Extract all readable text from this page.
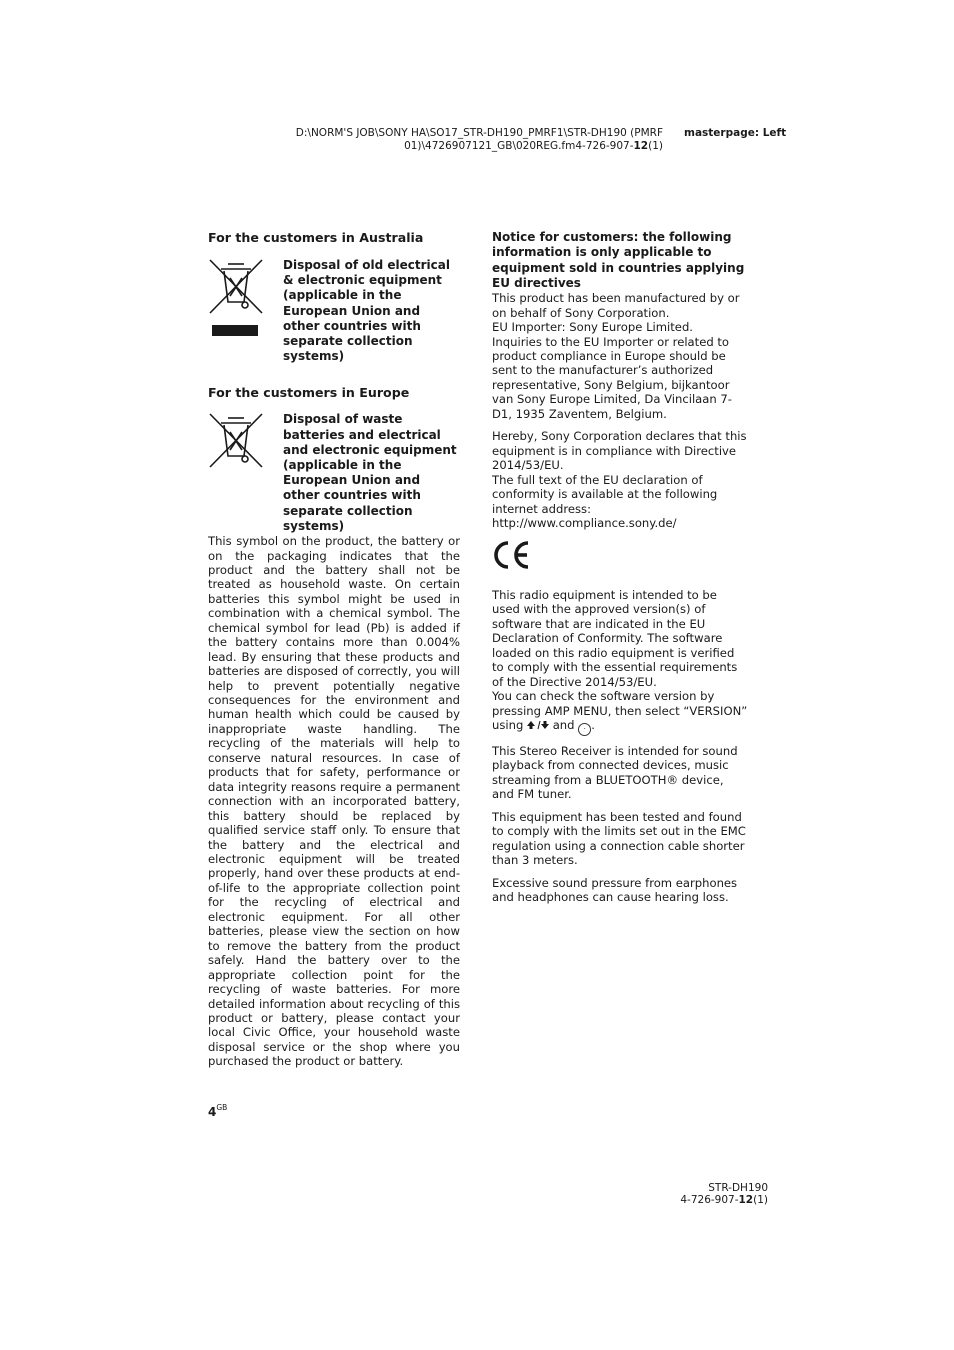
D:\NORM'S JOB\SONY HA\SO17_STR-DH190_PMRF1\STR-DH190 (PMRF
01)\4726907121_GB\020REG.fm4-726-907-12(1)
masterpage: Left
For the customers in Australia
Disposal of old electrical & electronic equipment (applicable in the European Union and other countries with separate collection systems)
For the customers in Europe
Disposal of waste batteries and electrical and electronic equipment (applicable in the European Union and other countries with separate collection systems)

This symbol on the product, the battery or on the packaging indicates that the product and the battery shall not be treated as household waste. On certain batteries this symbol might be used in combination with a chemical symbol. The chemical symbol for lead (Pb) is added if the battery contains more than 0.004% lead. By ensuring that these products and batteries are disposed of correctly, you will help to prevent potentially negative consequences for the environment and human health which could be caused by inappropriate waste handling. The recycling of the materials will help to conserve natural resources. In case of products that for safety, performance or data integrity reasons require a permanent connection with an incorporated battery, this battery should be replaced by qualified service staff only. To ensure that the battery and the electrical and electronic equipment will be treated properly, hand over these products at end-of-life to the appropriate collection point for the recycling of electrical and electronic equipment. For all other batteries, please view the section on how to remove the battery from the product safely. Hand the battery over to the appropriate collection point for the recycling of waste batteries. For more detailed information about recycling of this product or battery, please contact your local Civic Office, your household waste disposal service or the shop where you purchased the product or battery.

Notice for customers: the following information is only applicable to equipment sold in countries applying EU directives

This product has been manufactured by or on behalf of Sony Corporation.

EU Importer: Sony Europe Limited.

Inquiries to the EU Importer or related to product compliance in Europe should be sent to the manufacturer’s authorized representative, Sony Belgium, bijkantoor van Sony Europe Limited, Da Vincilaan 7-D1, 1935 Zaventem, Belgium.

Hereby, Sony Corporation declares that this equipment is in compliance with Directive 2014/53/EU.

The full text of the EU declaration of conformity is available at the following internet address:

http://www.compliance.sony.de/

This radio equipment is intended to be used with the approved version(s) of software that are indicated in the EU Declaration of Conformity. The software loaded on this radio equipment is verified to comply with the essential requirements of the Directive 2014/53/EU.

You can check the software version by pressing AMP MENU, then select “VERSION” using	and · .

This Stereo Receiver is intended for sound playback from connected devices, music streaming from a BLUETOOTH® device, and FM tuner.

This equipment has been tested and found to comply with the limits set out in the EMC regulation using a connection cable shorter than 3 meters.

Excessive sound pressure from earphones and headphones can cause hearing loss.

$4^{GB}$
STR-DH190
4-726-907-12(1)
